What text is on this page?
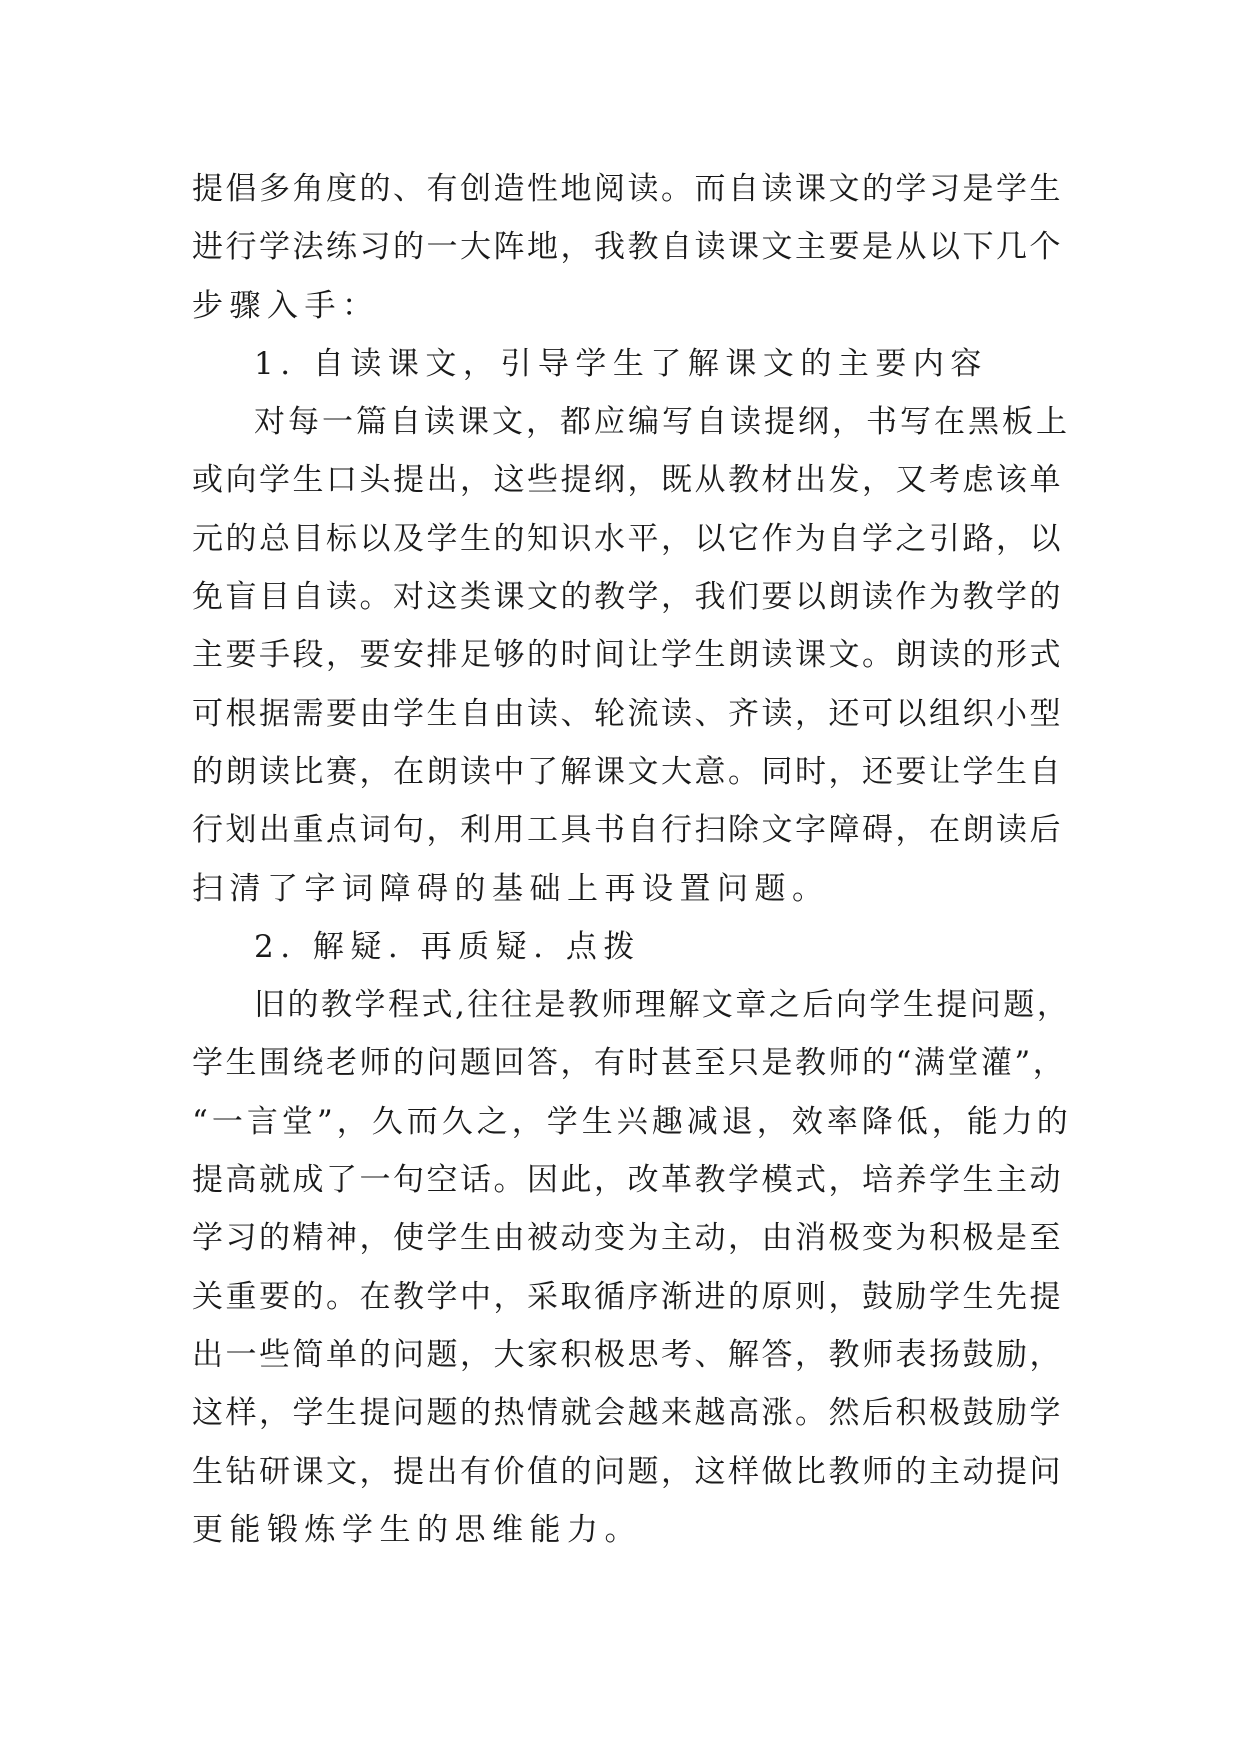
提倡多角度的、有创造性地阅读。而自读课文的学习是学生
进行学法练习的一大阵地，我教自读课文主要是从以下几个
步骤入手：
1. 自读课文，引导学生了解课文的主要内容
对每一篇自读课文，都应编写自读提纲，书写在黑板上
或向学生口头提出，这些提纲，既从教材出发，又考虑该单
元的总目标以及学生的知识水平，以它作为自学之引路，以
免盲目自读。对这类课文的教学，我们要以朗读作为教学的
主要手段，要安排足够的时间让学生朗读课文。朗读的形式
可根据需要由学生自由读、轮流读、齐读，还可以组织小型
的朗读比赛，在朗读中了解课文大意。同时，还要让学生自
行划出重点词句，利用工具书自行扫除文字障碍，在朗读后
扫清了字词障碍的基础上再设置问题。
2. 解疑. 再质疑. 点拨
旧的教学程式,往往是教师理解文章之后向学生提问题，
学生围绕老师的问题回答，有时甚至只是教师的“满堂灌”，
“一言堂”，久而久之，学生兴趣减退，效率降低，能力的
提高就成了一句空话。因此，改革教学模式，培养学生主动
学习的精神，使学生由被动变为主动，由消极变为积极是至
关重要的。在教学中，采取循序渐进的原则，鼓励学生先提
出一些简单的问题，大家积极思考、解答，教师表扬鼓励，
这样，学生提问题的热情就会越来越高涨。然后积极鼓励学
生钻研课文，提出有价值的问题，这样做比教师的主动提问
更能锻炼学生的思维能力。
